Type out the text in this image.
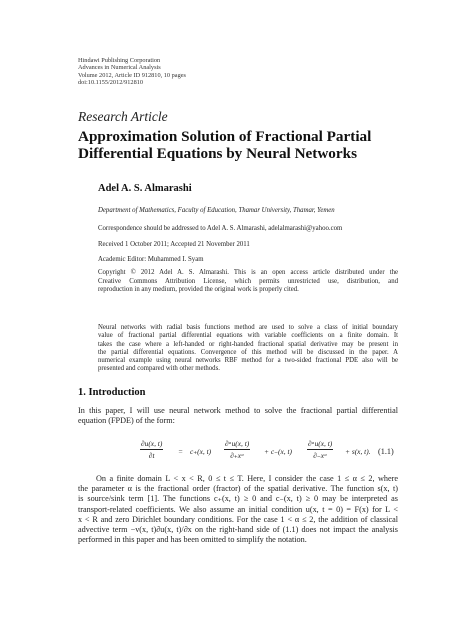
Hindawi Publishing Corporation
Advances in Numerical Analysis
Volume 2012, Article ID 912810, 10 pages
doi:10.1155/2012/912810
Research Article
Approximation Solution of Fractional Partial
Differential Equations by Neural Networks
Adel A. S. Almarashi
Department of Mathematics, Faculty of Education, Thamar University, Thamar, Yemen
Correspondence should be addressed to Adel A. S. Almarashi, adelalmarashi@yahoo.com
Received 1 October 2011; Accepted 21 November 2011
Academic Editor: Muhammed I. Syam
Copyright © 2012 Adel A. S. Almarashi. This is an open access article distributed under the
Creative Commons Attribution License, which permits unrestricted use, distribution, and
reproduction in any medium, provided the original work is properly cited.
Neural networks with radial basis functions method are used to solve a class of initial boundary
value of fractional partial differential equations with variable coefficients on a finite domain. It
takes the case where a left-handed or right-handed fractional spatial derivative may be present in
the partial differential equations. Convergence of this method will be discussed in the paper. A
numerical example using neural networks RBF method for a two-sided fractional PDE also will be
presented and compared with other methods.
1. Introduction
In this paper, I will use neural network method to solve the fractional partial differential
equation (FPDE) of the form:
$\frac{\partial u(x, t)}{\partial t} = c_+(x$, $t) \frac{\text{∂ᵅu(x, t)}}{\text{∂₊xᵅ}} + c_-(x$, $t) \frac{\text{∂ᵅu(x, t)}}{\text{∂₋xᵅ}} + s(x$, t). (1.1)
On a finite domain L < x < R, 0 ≤ t ≤ T. Here, I consider the case 1 ≤ α ≤ 2, where
the parameter α is the fractional order (fractor) of the spatial derivative. The function s(x, t)
is source/sink term [1]. The functions c₊(x, t) ≥ 0 and c₋(x, t) ≥ 0 may be interpreted as
transport-related coefficients. We also assume an initial condition u(x, t = 0) = F(x) for L <
x < R and zero Dirichlet boundary conditions. For the case 1 < α ≤ 2, the addition of classical
advective term −v(x, t)∂u(x, t)/∂x on the right-hand side of (1.1) does not impact the analysis
performed in this paper and has been omitted to simplify the notation.
